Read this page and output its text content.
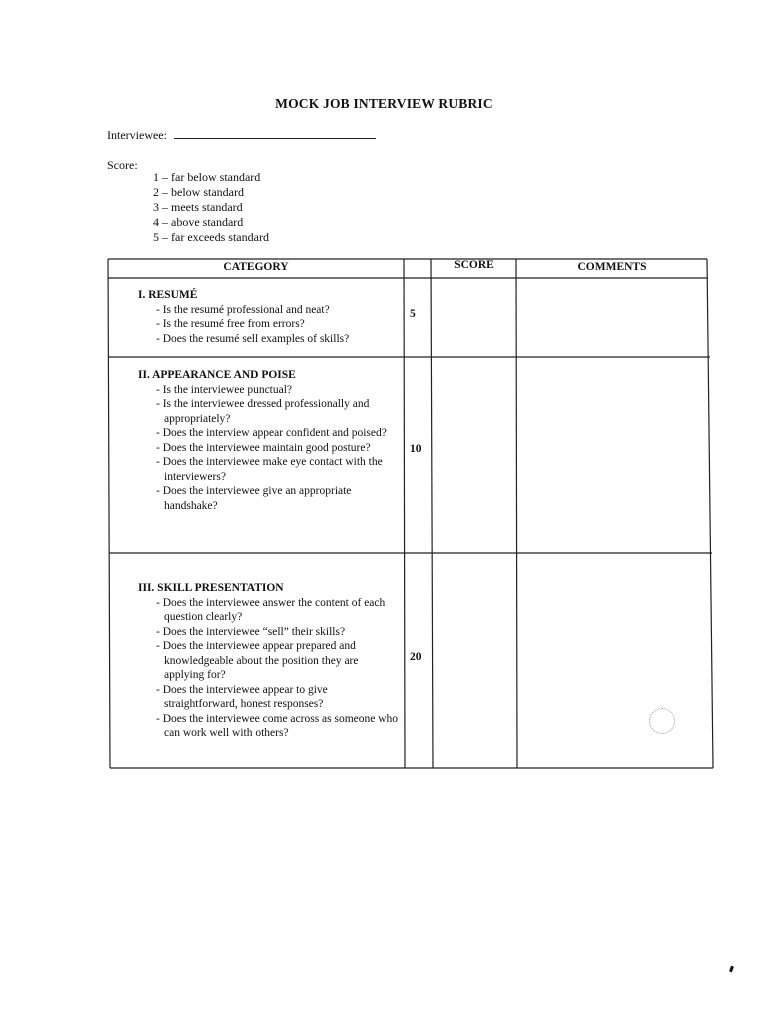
MOCK JOB INTERVIEW RUBRIC
Interviewee:
Score:
1 – far below standard
2 – below standard
3 – meets standard
4 – above standard
5 – far exceeds standard
CATEGORY	SCORE	COMMENTS
I. RESUMÉ
- Is the resumé professional and neat?
- Is the resumé free from errors?
- Does the resumé sell examples of skills?
5
II. APPEARANCE AND POISE
- Is the interviewee punctual?
- Is the interviewee dressed professionally and appropriately?
- Does the interview appear confident and poised?
- Does the interviewee maintain good posture?
- Does the interviewee make eye contact with the interviewers?
- Does the interviewee give an appropriate handshake?
10
III. SKILL PRESENTATION
- Does the interviewee answer the content of each question clearly?
- Does the interviewee “sell” their skills?
- Does the interviewee appear prepared and knowledgeable about the position they are applying for?
- Does the interviewee appear to give straightforward, honest responses?
- Does the interviewee come across as someone who can work well with others?
20
